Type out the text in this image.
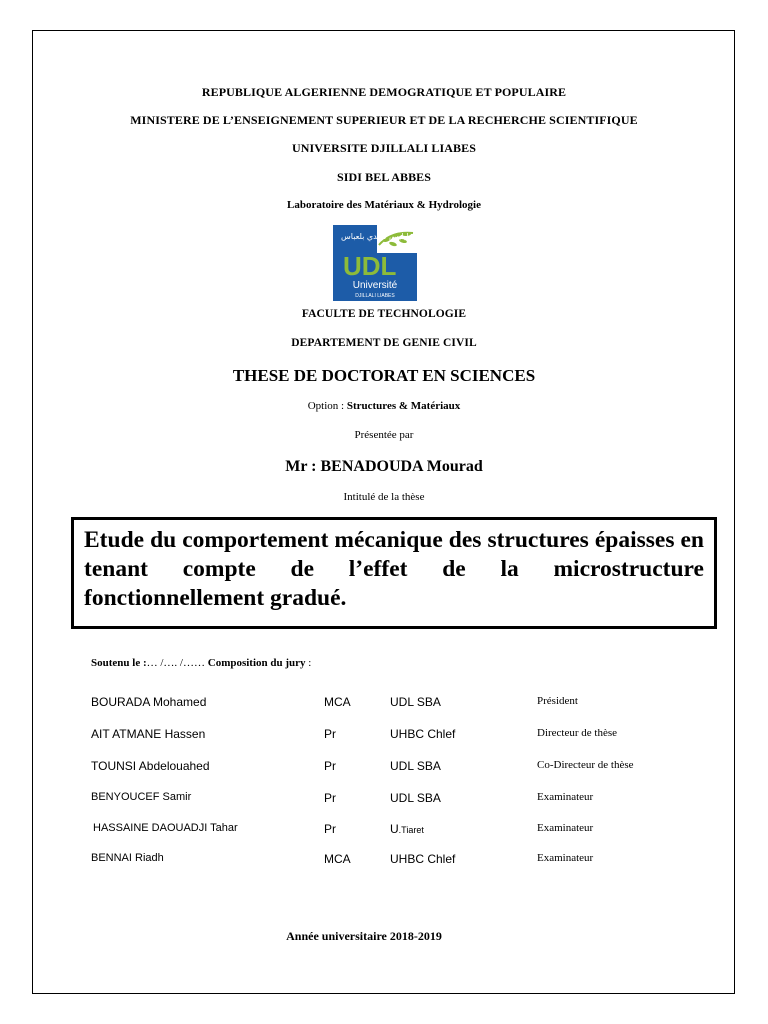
REPUBLIQUE ALGERIENNE DEMOGRATIQUE ET POPULAIRE
MINISTERE DE L’ENSEIGNEMENT SUPERIEUR ET DE LA RECHERCHE SCIENTIFIQUE
UNIVERSITE DJILLALI LIABES
SIDI BEL ABBES
Laboratoire des Matériaux & Hydrologie
جامعة جيلالي ليابس سيدي بلعباس
UDL
Université
DJILLALI LIABES
FACULTE DE TECHNOLOGIE
DEPARTEMENT DE GENIE CIVIL
THESE DE DOCTORAT EN SCIENCES
Option : Structures & Matériaux
Présentée par
Mr : BENADOUDA Mourad
Intitulé de la thèse
Etude du comportement mécanique des structures épaisses en tenant compte de l’effet de la microstructure fonctionnellement gradué.
Soutenu le :… /…. /…… Composition du jury :
BOURADA Mohamed	MCA	UDL SBA	Président
AIT ATMANE Hassen	Pr	UHBC Chlef	Directeur de thèse
TOUNSI Abdelouahed	Pr	UDL SBA	Co-Directeur de thèse
BENYOUCEF Samir	Pr	UDL SBA	Examinateur
HASSAINE DAOUADJI Tahar	Pr	U.Tiaret	Examinateur
BENNAI Riadh	MCA	UHBC Chlef	Examinateur
Année universitaire 2018-2019
